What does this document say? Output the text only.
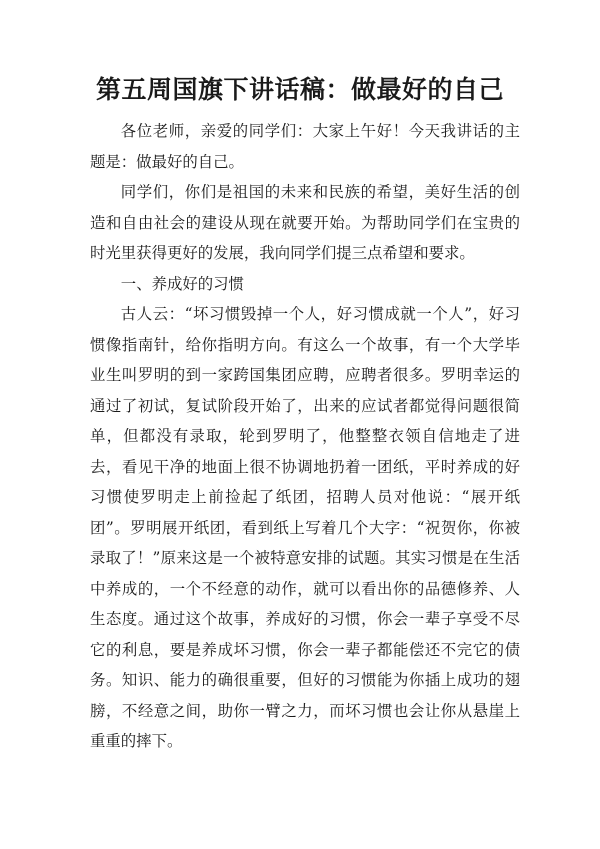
第五周国旗下讲话稿：做最好的自己

各位老师，亲爱的同学们：大家上午好！今天我讲话的主题是：做最好的自己。

同学们，你们是祖国的未来和民族的希望，美好生活的创造和自由社会的建设从现在就要开始。为帮助同学们在宝贵的时光里获得更好的发展，我向同学们提三点希望和要求。

一、养成好的习惯

古人云：“坏习惯毁掉一个人，好习惯成就一个人”，好习惯像指南针，给你指明方向。有这么一个故事，有一个大学毕业生叫罗明的到一家跨国集团应聘，应聘者很多。罗明幸运的通过了初试，复试阶段开始了，出来的应试者都觉得问题很简单，但都没有录取，轮到罗明了，他整整衣领自信地走了进去，看见干净的地面上很不协调地扔着一团纸，平时养成的好习惯使罗明走上前捡起了纸团，招聘人员对他说：“展开纸团”。罗明展开纸团，看到纸上写着几个大字：“祝贺你，你被录取了！”原来这是一个被特意安排的试题。其实习惯是在生活中养成的，一个不经意的动作，就可以看出你的品德修养、人生态度。通过这个故事，养成好的习惯，你会一辈子享受不尽它的利息，要是养成坏习惯，你会一辈子都能偿还不完它的债务。知识、能力的确很重要，但好的习惯能为你插上成功的翅膀，不经意之间，助你一臂之力，而坏习惯也会让你从悬崖上重重的摔下。
